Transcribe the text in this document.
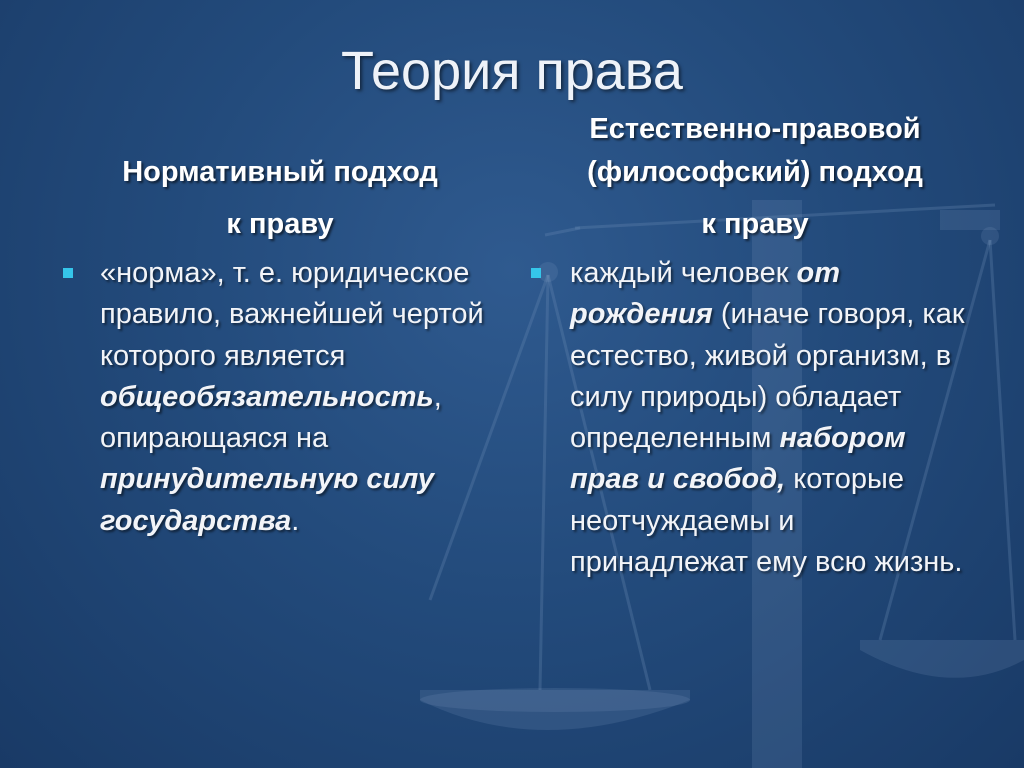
Теория права
Нормативный подход
к праву
Естественно-правовой
(философский) подход
к праву
«норма», т. е. юридическое правило, важнейшей чертой которого является общеобязательность, опирающаяся на принудительную силу государства.
каждый человек от рождения (иначе говоря, как естество, живой организм, в силу природы) обладает определенным набором прав и свобод, которые неотчуждаемы и принадлежат ему всю жизнь.
